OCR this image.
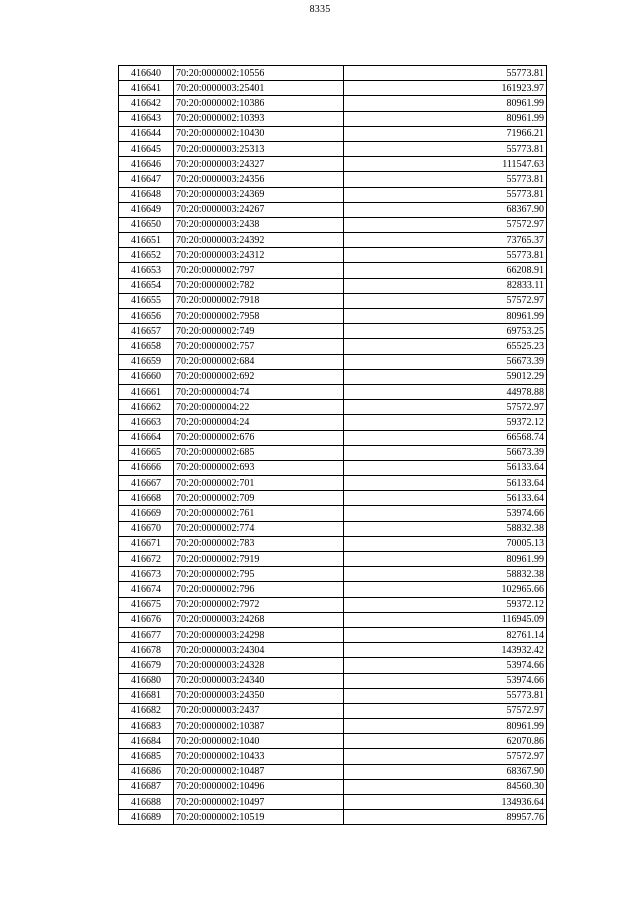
8335
416640	70:20:0000002:10556	55773.81
416641	70:20:0000003:25401	161923.97
416642	70:20:0000002:10386	80961.99
416643	70:20:0000002:10393	80961.99
416644	70:20:0000002:10430	71966.21
416645	70:20:0000003:25313	55773.81
416646	70:20:0000003:24327	111547.63
416647	70:20:0000003:24356	55773.81
416648	70:20:0000003:24369	55773.81
416649	70:20:0000003:24267	68367.90
416650	70:20:0000003:2438	57572.97
416651	70:20:0000003:24392	73765.37
416652	70:20:0000003:24312	55773.81
416653	70:20:0000002:797	66208.91
416654	70:20:0000002:782	82833.11
416655	70:20:0000002:7918	57572.97
416656	70:20:0000002:7958	80961.99
416657	70:20:0000002:749	69753.25
416658	70:20:0000002:757	65525.23
416659	70:20:0000002:684	56673.39
416660	70:20:0000002:692	59012.29
416661	70:20:0000004:74	44978.88
416662	70:20:0000004:22	57572.97
416663	70:20:0000004:24	59372.12
416664	70:20:0000002:676	66568.74
416665	70:20:0000002:685	56673.39
416666	70:20:0000002:693	56133.64
416667	70:20:0000002:701	56133.64
416668	70:20:0000002:709	56133.64
416669	70:20:0000002:761	53974.66
416670	70:20:0000002:774	58832.38
416671	70:20:0000002:783	70005.13
416672	70:20:0000002:7919	80961.99
416673	70:20:0000002:795	58832.38
416674	70:20:0000002:796	102965.66
416675	70:20:0000002:7972	59372.12
416676	70:20:0000003:24268	116945.09
416677	70:20:0000003:24298	82761.14
416678	70:20:0000003:24304	143932.42
416679	70:20:0000003:24328	53974.66
416680	70:20:0000003:24340	53974.66
416681	70:20:0000003:24350	55773.81
416682	70:20:0000003:2437	57572.97
416683	70:20:0000002:10387	80961.99
416684	70:20:0000002:1040	62070.86
416685	70:20:0000002:10433	57572.97
416686	70:20:0000002:10487	68367.90
416687	70:20:0000002:10496	84560.30
416688	70:20:0000002:10497	134936.64
416689	70:20:0000002:10519	89957.76
